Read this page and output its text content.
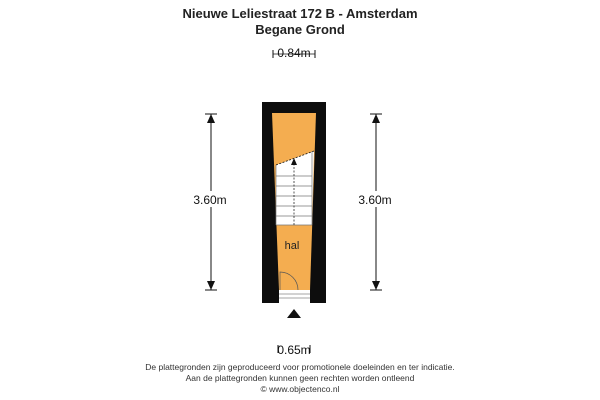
Nieuwe Leliestraat 172 B - Amsterdam
Begane Grond
0.84m
3.60m	3.60m
hal
0.65m
De plattegronden zijn geproduceerd voor promotionele doeleinden en ter indicatie.
Aan de plattegronden kunnen geen rechten worden ontleend
© www.objectenco.nl
